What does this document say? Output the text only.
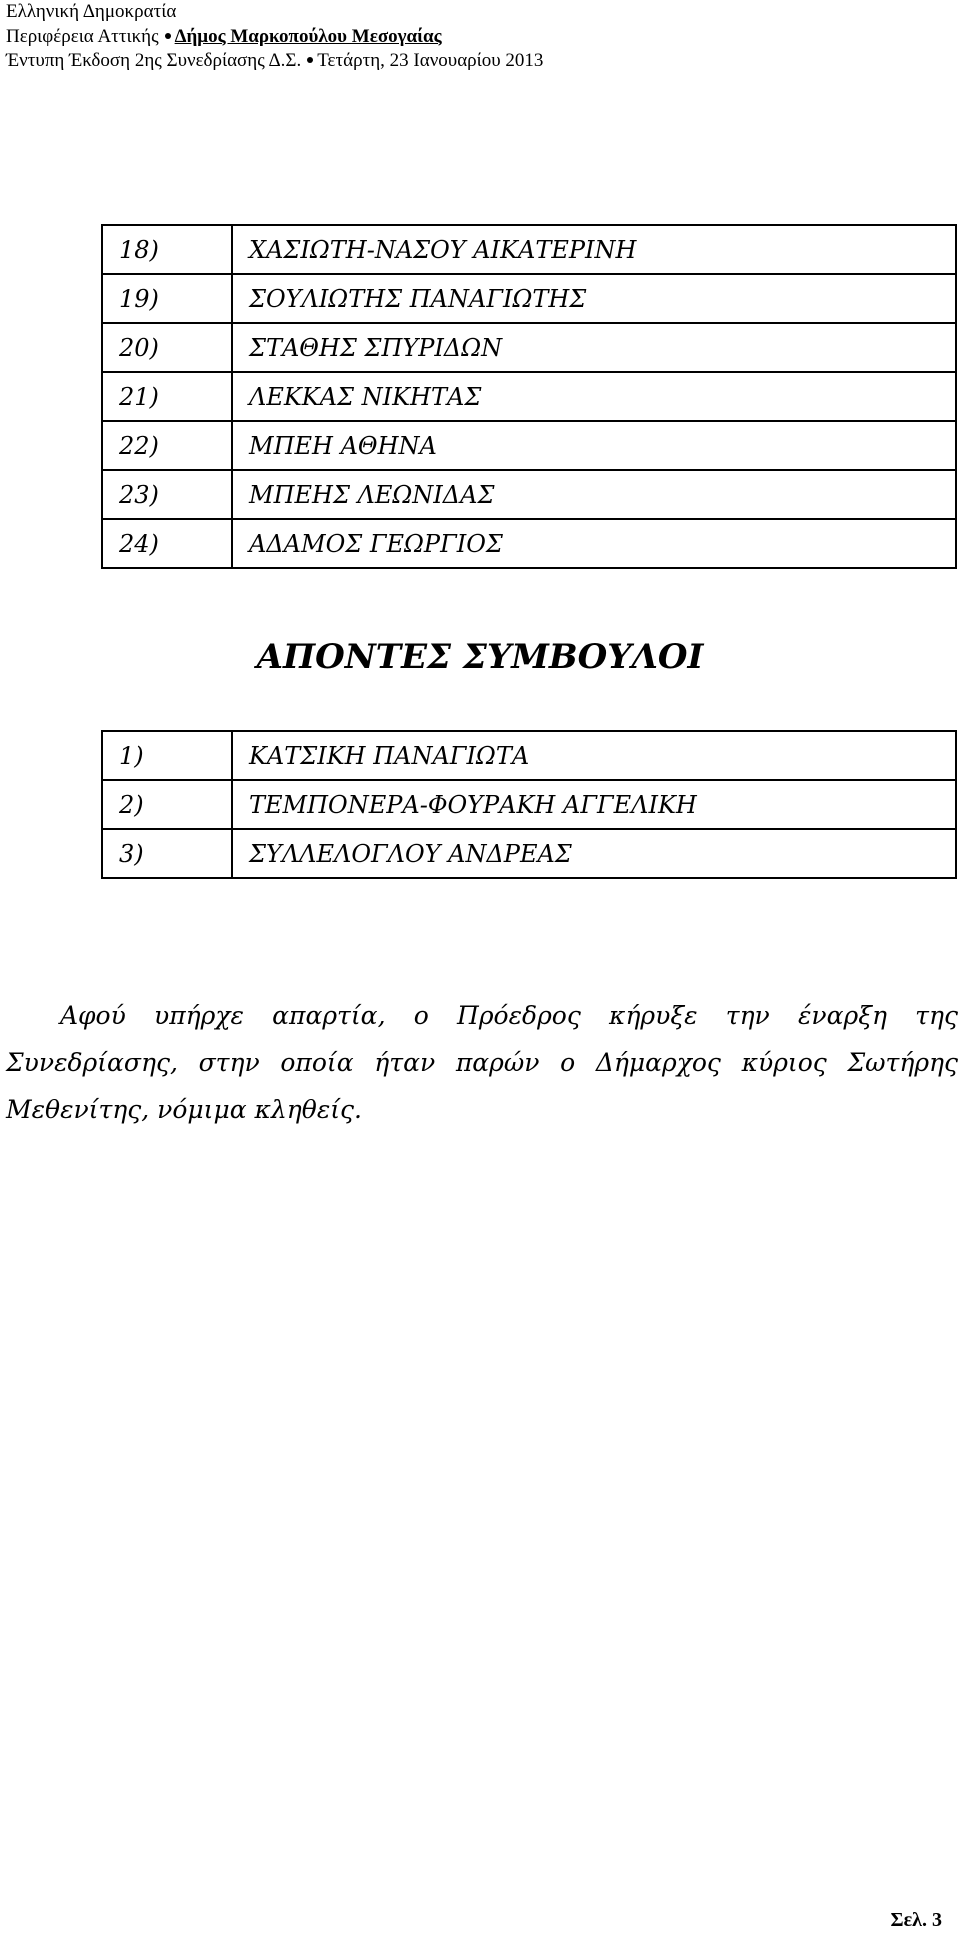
Ελληνική Δημοκρατία
Περιφέρεια Αττικής Δήμος Μαρκοπούλου Μεσογαίας
Έντυπη Έκδοση 2ης Συνεδρίασης Δ.Σ. Τετάρτη, 23 Ιανουαρίου 2013
18)	ΧΑΣΙΩΤΗ-ΝΑΣΟΥ ΑΙΚΑΤΕΡΙΝΗ
19)	ΣΟΥΛΙΩΤΗΣ ΠΑΝΑΓΙΩΤΗΣ
20)	ΣΤΑΘΗΣ ΣΠΥΡΙΔΩΝ
21)	ΛΕΚΚΑΣ ΝΙΚΗΤΑΣ
22)	ΜΠΕΗ ΑΘΗΝΑ
23)	ΜΠΕΗΣ ΛΕΩΝΙΔΑΣ
24)	ΑΔΑΜΟΣ ΓΕΩΡΓΙΟΣ
ΑΠΟΝΤΕΣ ΣΥΜΒΟΥΛΟΙ
1)	ΚΑΤΣΙΚΗ ΠΑΝΑΓΙΩΤΑ
2)	ΤΕΜΠΟΝΕΡΑ-ΦΟΥΡΑΚΗ ΑΓΓΕΛΙΚΗ
3)	ΣΥΛΛΕΛΟΓΛΟΥ ΑΝΔΡΕΑΣ

Αφού υπήρχε απαρτία, ο Πρόεδρος κήρυξε την έναρξη της Συνεδρίασης, στην οποία ήταν παρών ο Δήμαρχος κύριος Σωτήρης Μεθενίτης, νόμιμα κληθείς.

Σελ. 3
